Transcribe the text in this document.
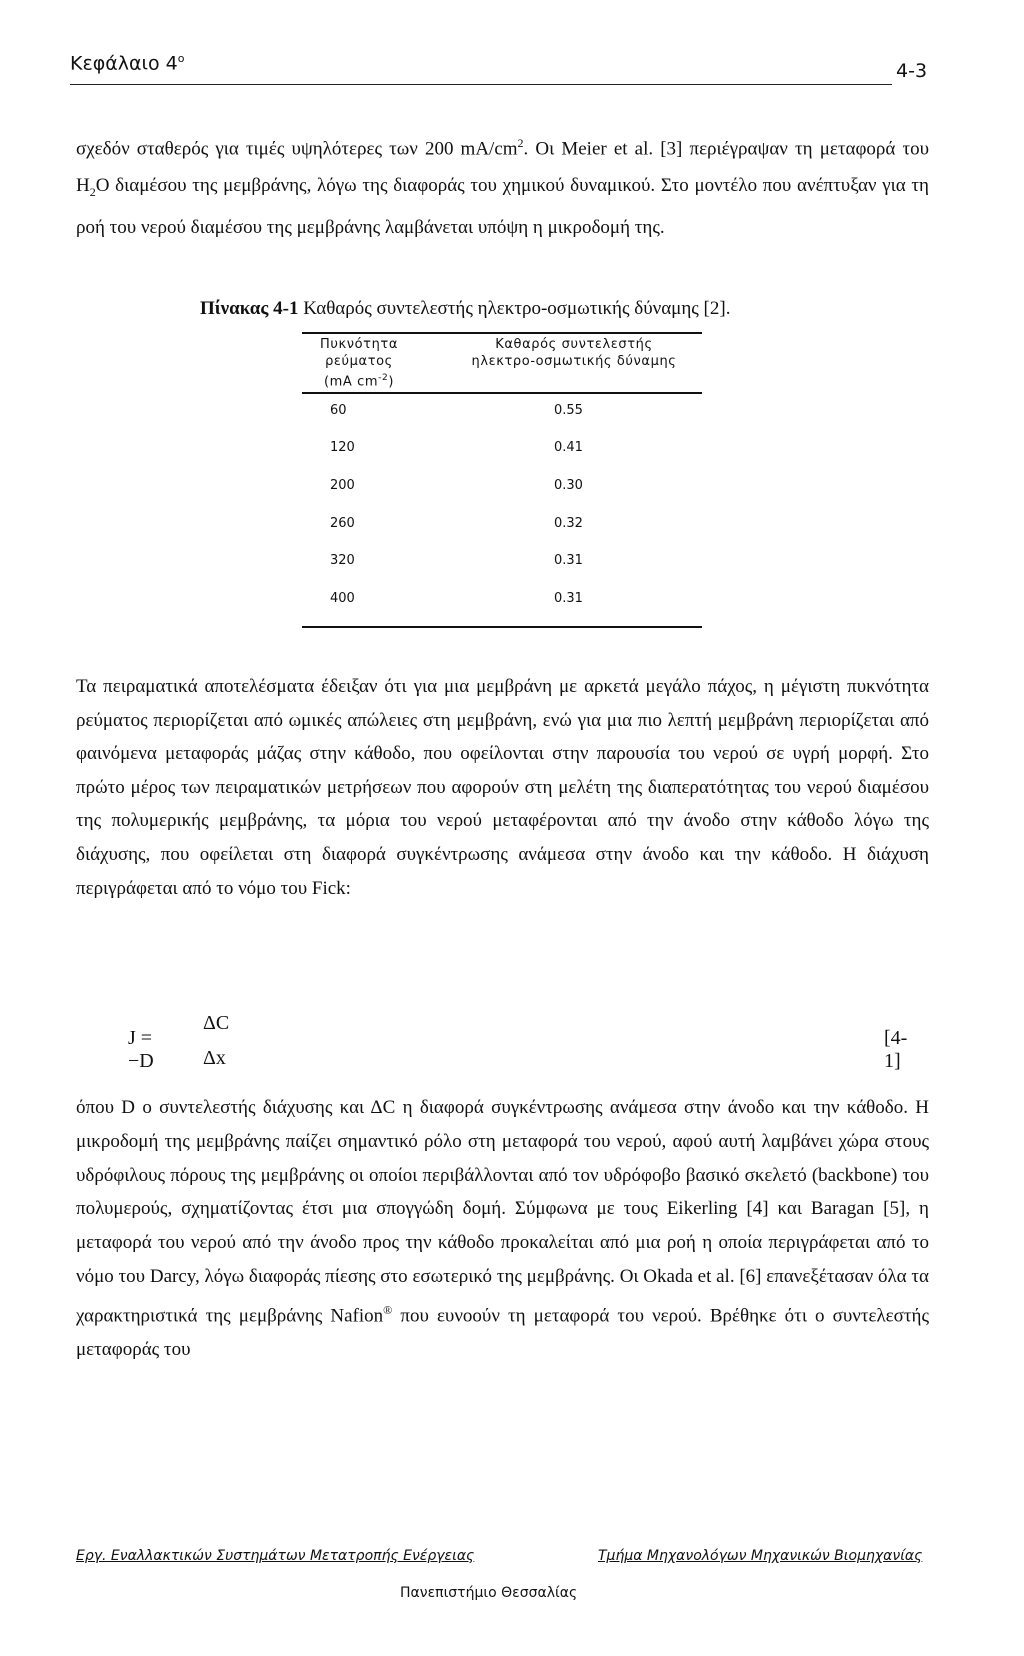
Κεφάλαιο $4^o$
4-3

σχεδόν σταθερός για τιμές υψηλότερες των 200 $mA/cm^2$. Οι Meier et al. [3] περιέγραψαν τη μεταφορά του $H_2O$ διαμέσου της μεμβράνης, λόγω της διαφοράς του χημικού δυναμικού. Στο μοντέλο που ανέπτυξαν για τη ροή του νερού διαμέσου της μεμβράνης λαμβάνεται υπόψη η μικροδομή της.

Πίνακας 4-1 Καθαρός συντελεστής ηλεκτρο-οσμωτικής δύναμης [2].
Πυκνότητα
ρεύματος
(mA $cm^{-2}$)
Καθαρός συντελεστής
ηλεκτρο-οσμωτικής δύναμης
60	0.55
120	0.41
200	0.30
260	0.32
320	0.31
400	0.31

Τα πειραματικά αποτελέσματα έδειξαν ότι για μια μεμβράνη με αρκετά μεγάλο πάχος, η μέγιστη πυκνότητα ρεύματος περιορίζεται από ωμικές απώλειες στη μεμβράνη, ενώ για μια πιο λεπτή μεμβράνη περιορίζεται από φαινόμενα μεταφοράς μάζας στην κάθοδο, που οφείλονται στην παρουσία του νερού σε υγρή μορφή. Στο πρώτο μέρος των πειραματικών μετρήσεων που αφορούν στη μελέτη της διαπερατότητας του νερού διαμέσου της πολυμερικής μεμβράνης, τα μόρια του νερού μεταφέρονται από την άνοδο στην κάθοδο λόγω της διάχυσης, που οφείλεται στη διαφορά συγκέντρωσης ανάμεσα στην άνοδο και την κάθοδο. Η διάχυση περιγράφεται από το νόμο του Fick:

J = −D
ΔC
Δx
[4-1]

όπου D ο συντελεστής διάχυσης και ΔC η διαφορά συγκέντρωσης ανάμεσα στην άνοδο και την κάθοδο. Η μικροδομή της μεμβράνης παίζει σημαντικό ρόλο στη μεταφορά του νερού, αφού αυτή λαμβάνει χώρα στους υδρόφιλους πόρους της μεμβράνης οι οποίοι περιβάλλονται από τον υδρόφοβο βασικό σκελετό (backbone) του πολυμερούς, σχηματίζοντας έτσι μια σπογγώδη δομή. Σύμφωνα με τους Eikerling [4] και Baragan [5], η μεταφορά του νερού από την άνοδο προς την κάθοδο προκαλείται από μια ροή η οποία περιγράφεται από το νόμο του Darcy, λόγω διαφοράς πίεσης στο εσωτερικό της μεμβράνης. Οι Okada et al. [6] επανεξέτασαν όλα τα χαρακτηριστικά της μεμβράνης Nafion® που ευνοούν τη μεταφορά του νερού. Βρέθηκε ότι ο συντελεστής μεταφοράς του

Εργ. Εναλλακτικών Συστημάτων Μετατροπής Ενέργειας	Τμήμα Μηχανολόγων Μηχανικών Βιομηχανίας
Πανεπιστήμιο Θεσσαλίας
